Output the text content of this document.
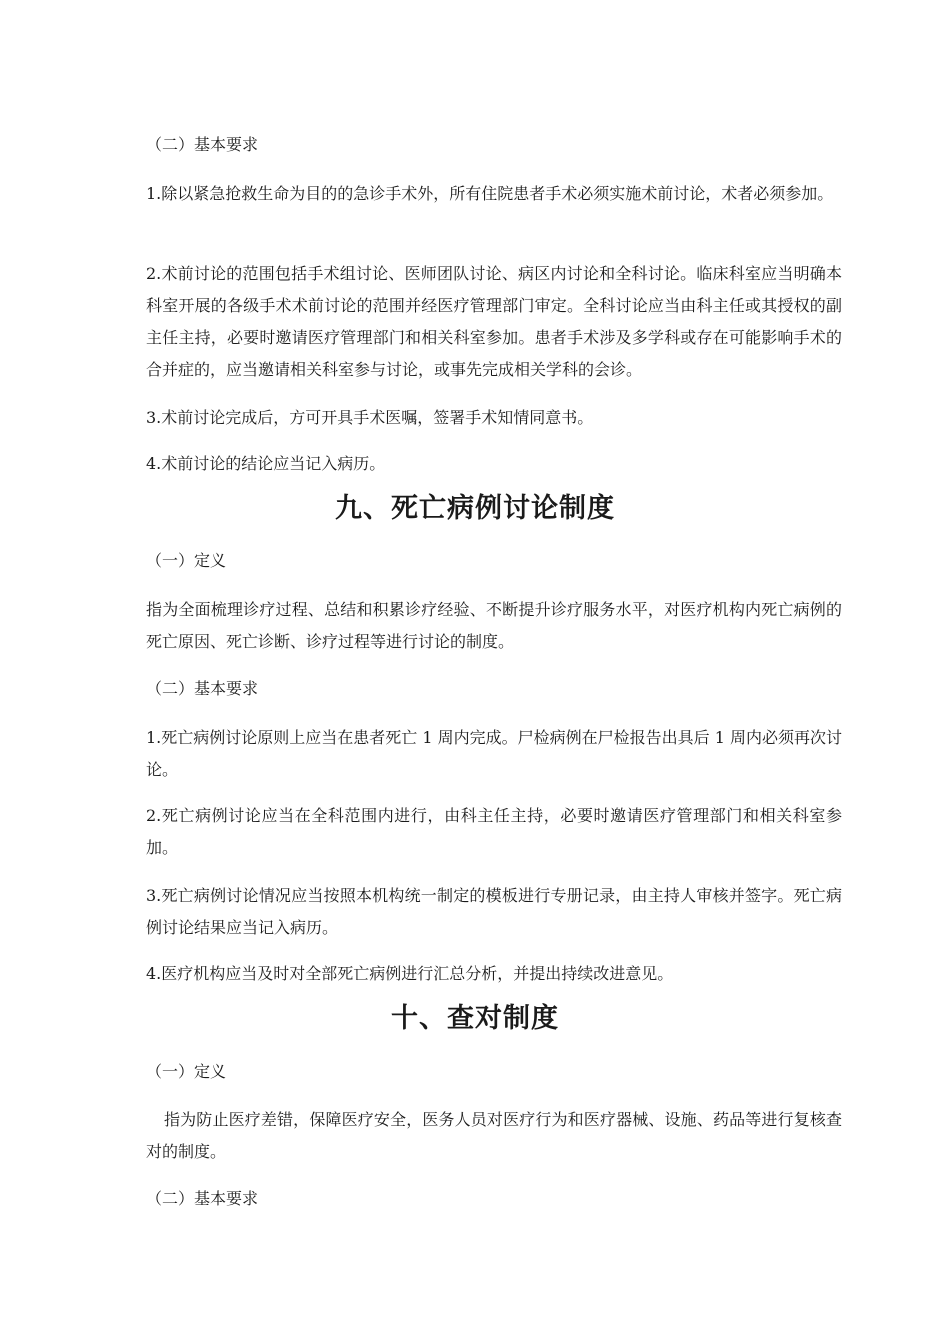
（二）基本要求

1.除以紧急抢救生命为目的的急诊手术外，所有住院患者手术必须实施术前讨论，术者必须参加。

2.术前讨论的范围包括手术组讨论、医师团队讨论、病区内讨论和全科讨论。临床科室应当明确本科室开展的各级手术术前讨论的范围并经医疗管理部门审定。全科讨论应当由科主任或其授权的副主任主持，必要时邀请医疗管理部门和相关科室参加。患者手术涉及多学科或存在可能影响手术的合并症的，应当邀请相关科室参与讨论，或事先完成相关学科的会诊。

3.术前讨论完成后，方可开具手术医嘱，签署手术知情同意书。

4.术前讨论的结论应当记入病历。

九、死亡病例讨论制度

（一）定义

指为全面梳理诊疗过程、总结和积累诊疗经验、不断提升诊疗服务水平，对医疗机构内死亡病例的死亡原因、死亡诊断、诊疗过程等进行讨论的制度。

（二）基本要求

1.死亡病例讨论原则上应当在患者死亡 1 周内完成。尸检病例在尸检报告出具后 1 周内必须再次讨论。

2.死亡病例讨论应当在全科范围内进行，由科主任主持，必要时邀请医疗管理部门和相关科室参加。

3.死亡病例讨论情况应当按照本机构统一制定的模板进行专册记录，由主持人审核并签字。死亡病例讨论结果应当记入病历。

4.医疗机构应当及时对全部死亡病例进行汇总分析，并提出持续改进意见。

十、查对制度

（一）定义

指为防止医疗差错，保障医疗安全，医务人员对医疗行为和医疗器械、设施、药品等进行复核查对的制度。

（二）基本要求
